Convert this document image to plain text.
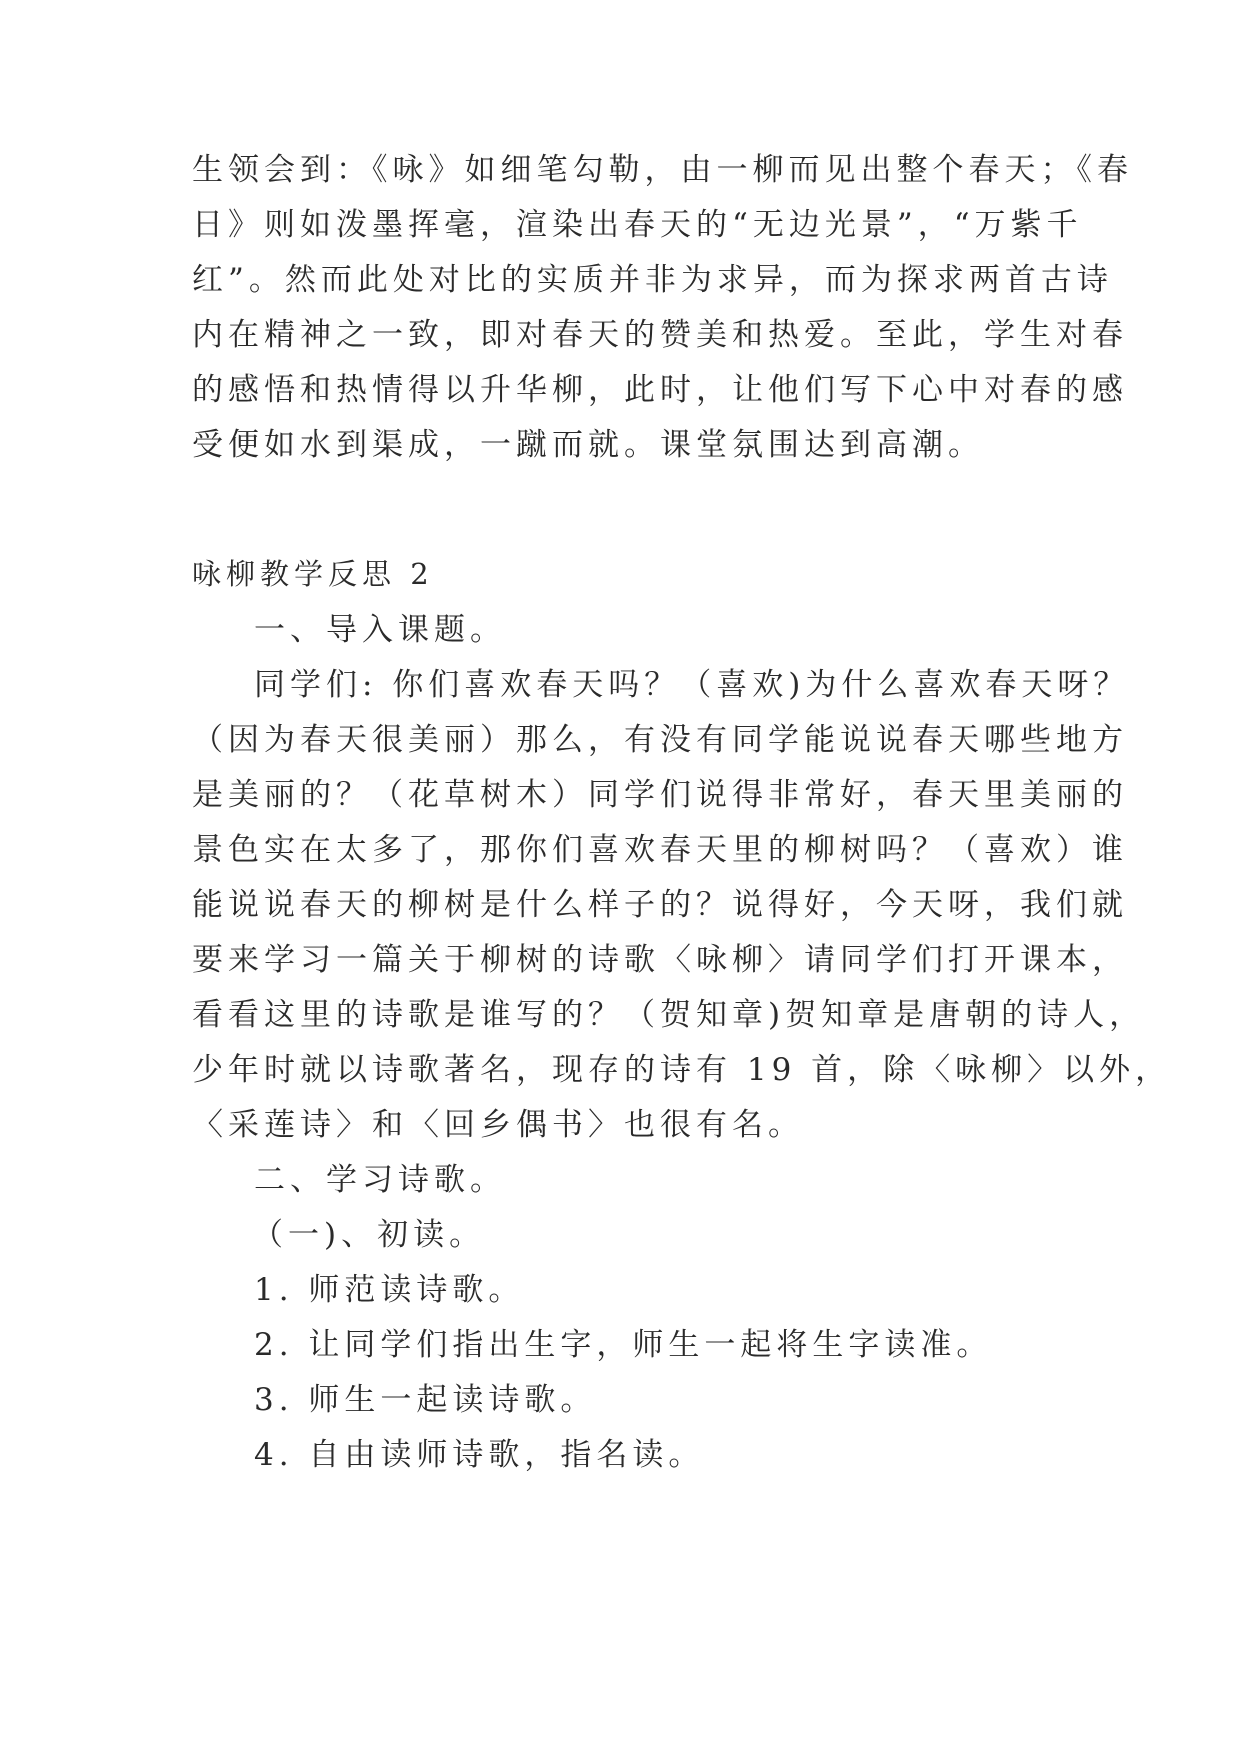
生领会到：《咏》如细笔勾勒，由一柳而见出整个春天；《春
日》则如泼墨挥毫，渲染出春天的“无边光景”，“万紫千
红”。然而此处对比的实质并非为求异，而为探求两首古诗
内在精神之一致，即对春天的赞美和热爱。至此，学生对春
的感悟和热情得以升华柳，此时，让他们写下心中对春的感
受便如水到渠成，一蹴而就。课堂氛围达到高潮。
咏柳教学反思 2
一、导入课题。
同学们: 你们喜欢春天吗？（喜欢)为什么喜欢春天呀？
（因为春天很美丽）那么，有没有同学能说说春天哪些地方
是美丽的？（花草树木）同学们说得非常好，春天里美丽的
景色实在太多了，那你们喜欢春天里的柳树吗？（喜欢）谁
能说说春天的柳树是什么样子的？说得好，今天呀，我们就
要来学习一篇关于柳树的诗歌〈咏柳〉请同学们打开课本，
看看这里的诗歌是谁写的？（贺知章)贺知章是唐朝的诗人，
少年时就以诗歌著名，现存的诗有 19 首，除〈咏柳〉以外，
〈采莲诗〉和〈回乡偶书〉也很有名。
二、学习诗歌。
（一)、初读。
1. 师范读诗歌。
2. 让同学们指出生字，师生一起将生字读准。
3. 师生一起读诗歌。
4. 自由读师诗歌，指名读。
